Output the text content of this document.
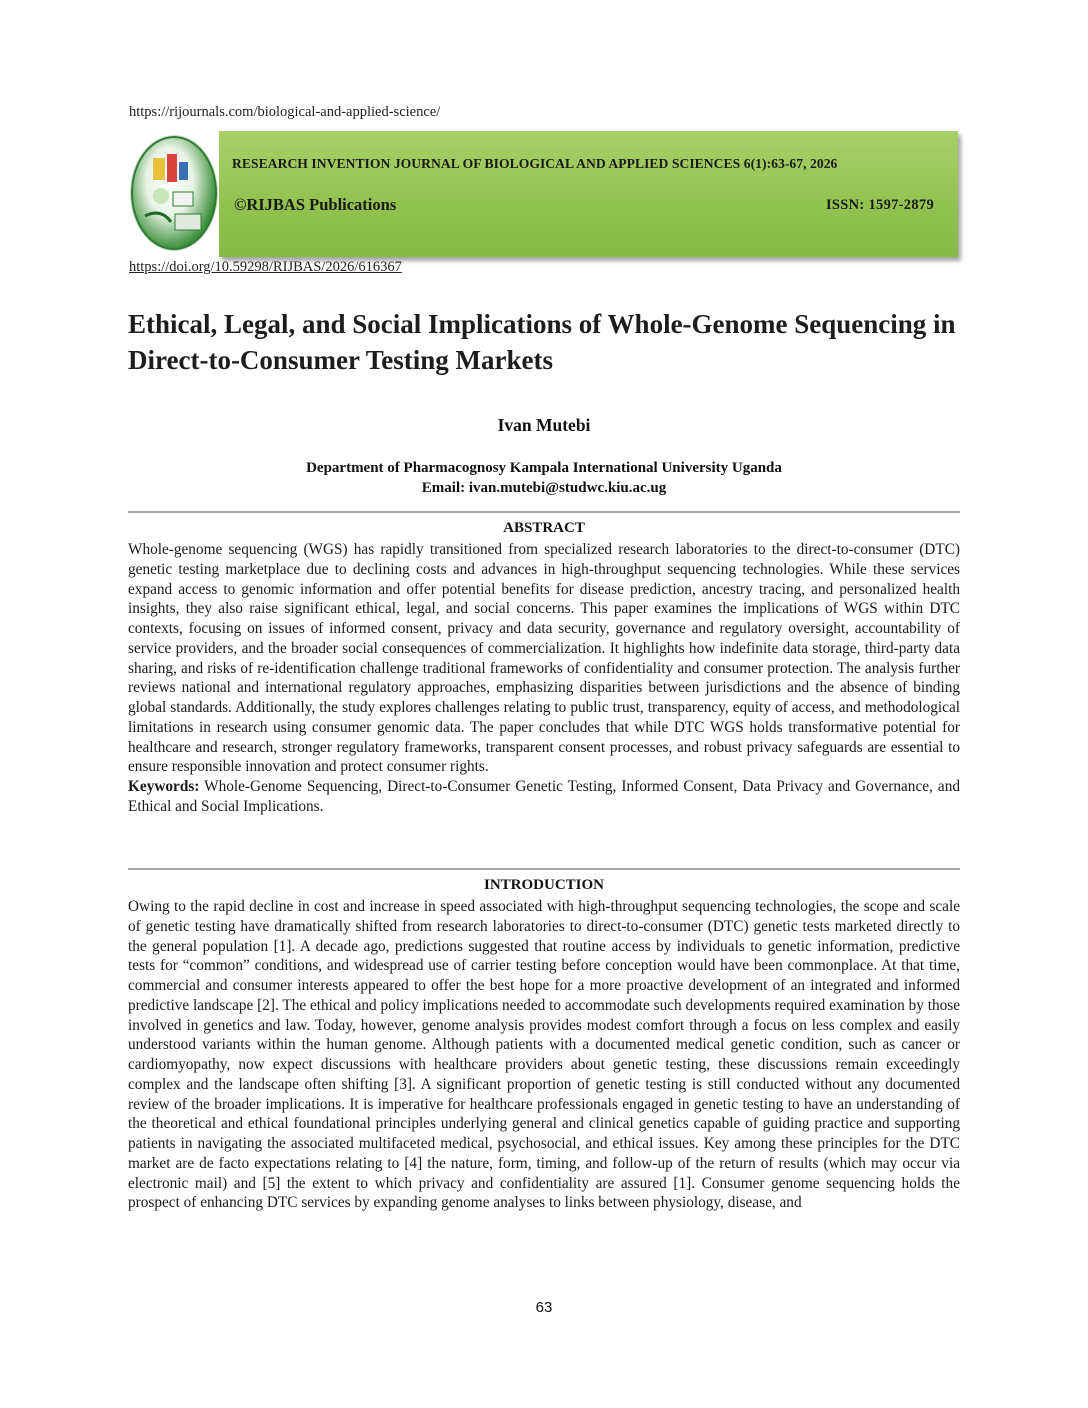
https://rijournals.com/biological-and-applied-science/
RESEARCH INVENTION JOURNAL OF BIOLOGICAL AND APPLIED SCIENCES 6(1):63-67, 2026
©RIJBAS Publications	ISSN: 1597-2879
https://doi.org/10.59298/RIJBAS/2026/616367
Ethical, Legal, and Social Implications of Whole-Genome Sequencing in Direct-to-Consumer Testing Markets
Ivan Mutebi
Department of Pharmacognosy Kampala International University Uganda
Email: ivan.mutebi@studwc.kiu.ac.ug
ABSTRACT

Whole-genome sequencing (WGS) has rapidly transitioned from specialized research laboratories to the direct-to-consumer (DTC) genetic testing marketplace due to declining costs and advances in high-throughput sequencing technologies. While these services expand access to genomic information and offer potential benefits for disease prediction, ancestry tracing, and personalized health insights, they also raise significant ethical, legal, and social concerns. This paper examines the implications of WGS within DTC contexts, focusing on issues of informed consent, privacy and data security, governance and regulatory oversight, accountability of service providers, and the broader social consequences of commercialization. It highlights how indefinite data storage, third-party data sharing, and risks of re-identification challenge traditional frameworks of confidentiality and consumer protection. The analysis further reviews national and international regulatory approaches, emphasizing disparities between jurisdictions and the absence of binding global standards. Additionally, the study explores challenges relating to public trust, transparency, equity of access, and methodological limitations in research using consumer genomic data. The paper concludes that while DTC WGS holds transformative potential for healthcare and research, stronger regulatory frameworks, transparent consent processes, and robust privacy safeguards are essential to ensure responsible innovation and protect consumer rights.

Keywords: Whole-Genome Sequencing, Direct-to-Consumer Genetic Testing, Informed Consent, Data Privacy and Governance, and Ethical and Social Implications.

INTRODUCTION

Owing to the rapid decline in cost and increase in speed associated with high-throughput sequencing technologies, the scope and scale of genetic testing have dramatically shifted from research laboratories to direct-to-consumer (DTC) genetic tests marketed directly to the general population [1]. A decade ago, predictions suggested that routine access by individuals to genetic information, predictive tests for “common” conditions, and widespread use of carrier testing before conception would have been commonplace. At that time, commercial and consumer interests appeared to offer the best hope for a more proactive development of an integrated and informed predictive landscape [2]. The ethical and policy implications needed to accommodate such developments required examination by those involved in genetics and law. Today, however, genome analysis provides modest comfort through a focus on less complex and easily understood variants within the human genome. Although patients with a documented medical genetic condition, such as cancer or cardiomyopathy, now expect discussions with healthcare providers about genetic testing, these discussions remain exceedingly complex and the landscape often shifting [3]. A significant proportion of genetic testing is still conducted without any documented review of the broader implications. It is imperative for healthcare professionals engaged in genetic testing to have an understanding of the theoretical and ethical foundational principles underlying general and clinical genetics capable of guiding practice and supporting patients in navigating the associated multifaceted medical, psychosocial, and ethical issues. Key among these principles for the DTC market are de facto expectations relating to [4] the nature, form, timing, and follow-up of the return of results (which may occur via electronic mail) and [5] the extent to which privacy and confidentiality are assured [1]. Consumer genome sequencing holds the prospect of enhancing DTC services by expanding genome analyses to links between physiology, disease, and

63
